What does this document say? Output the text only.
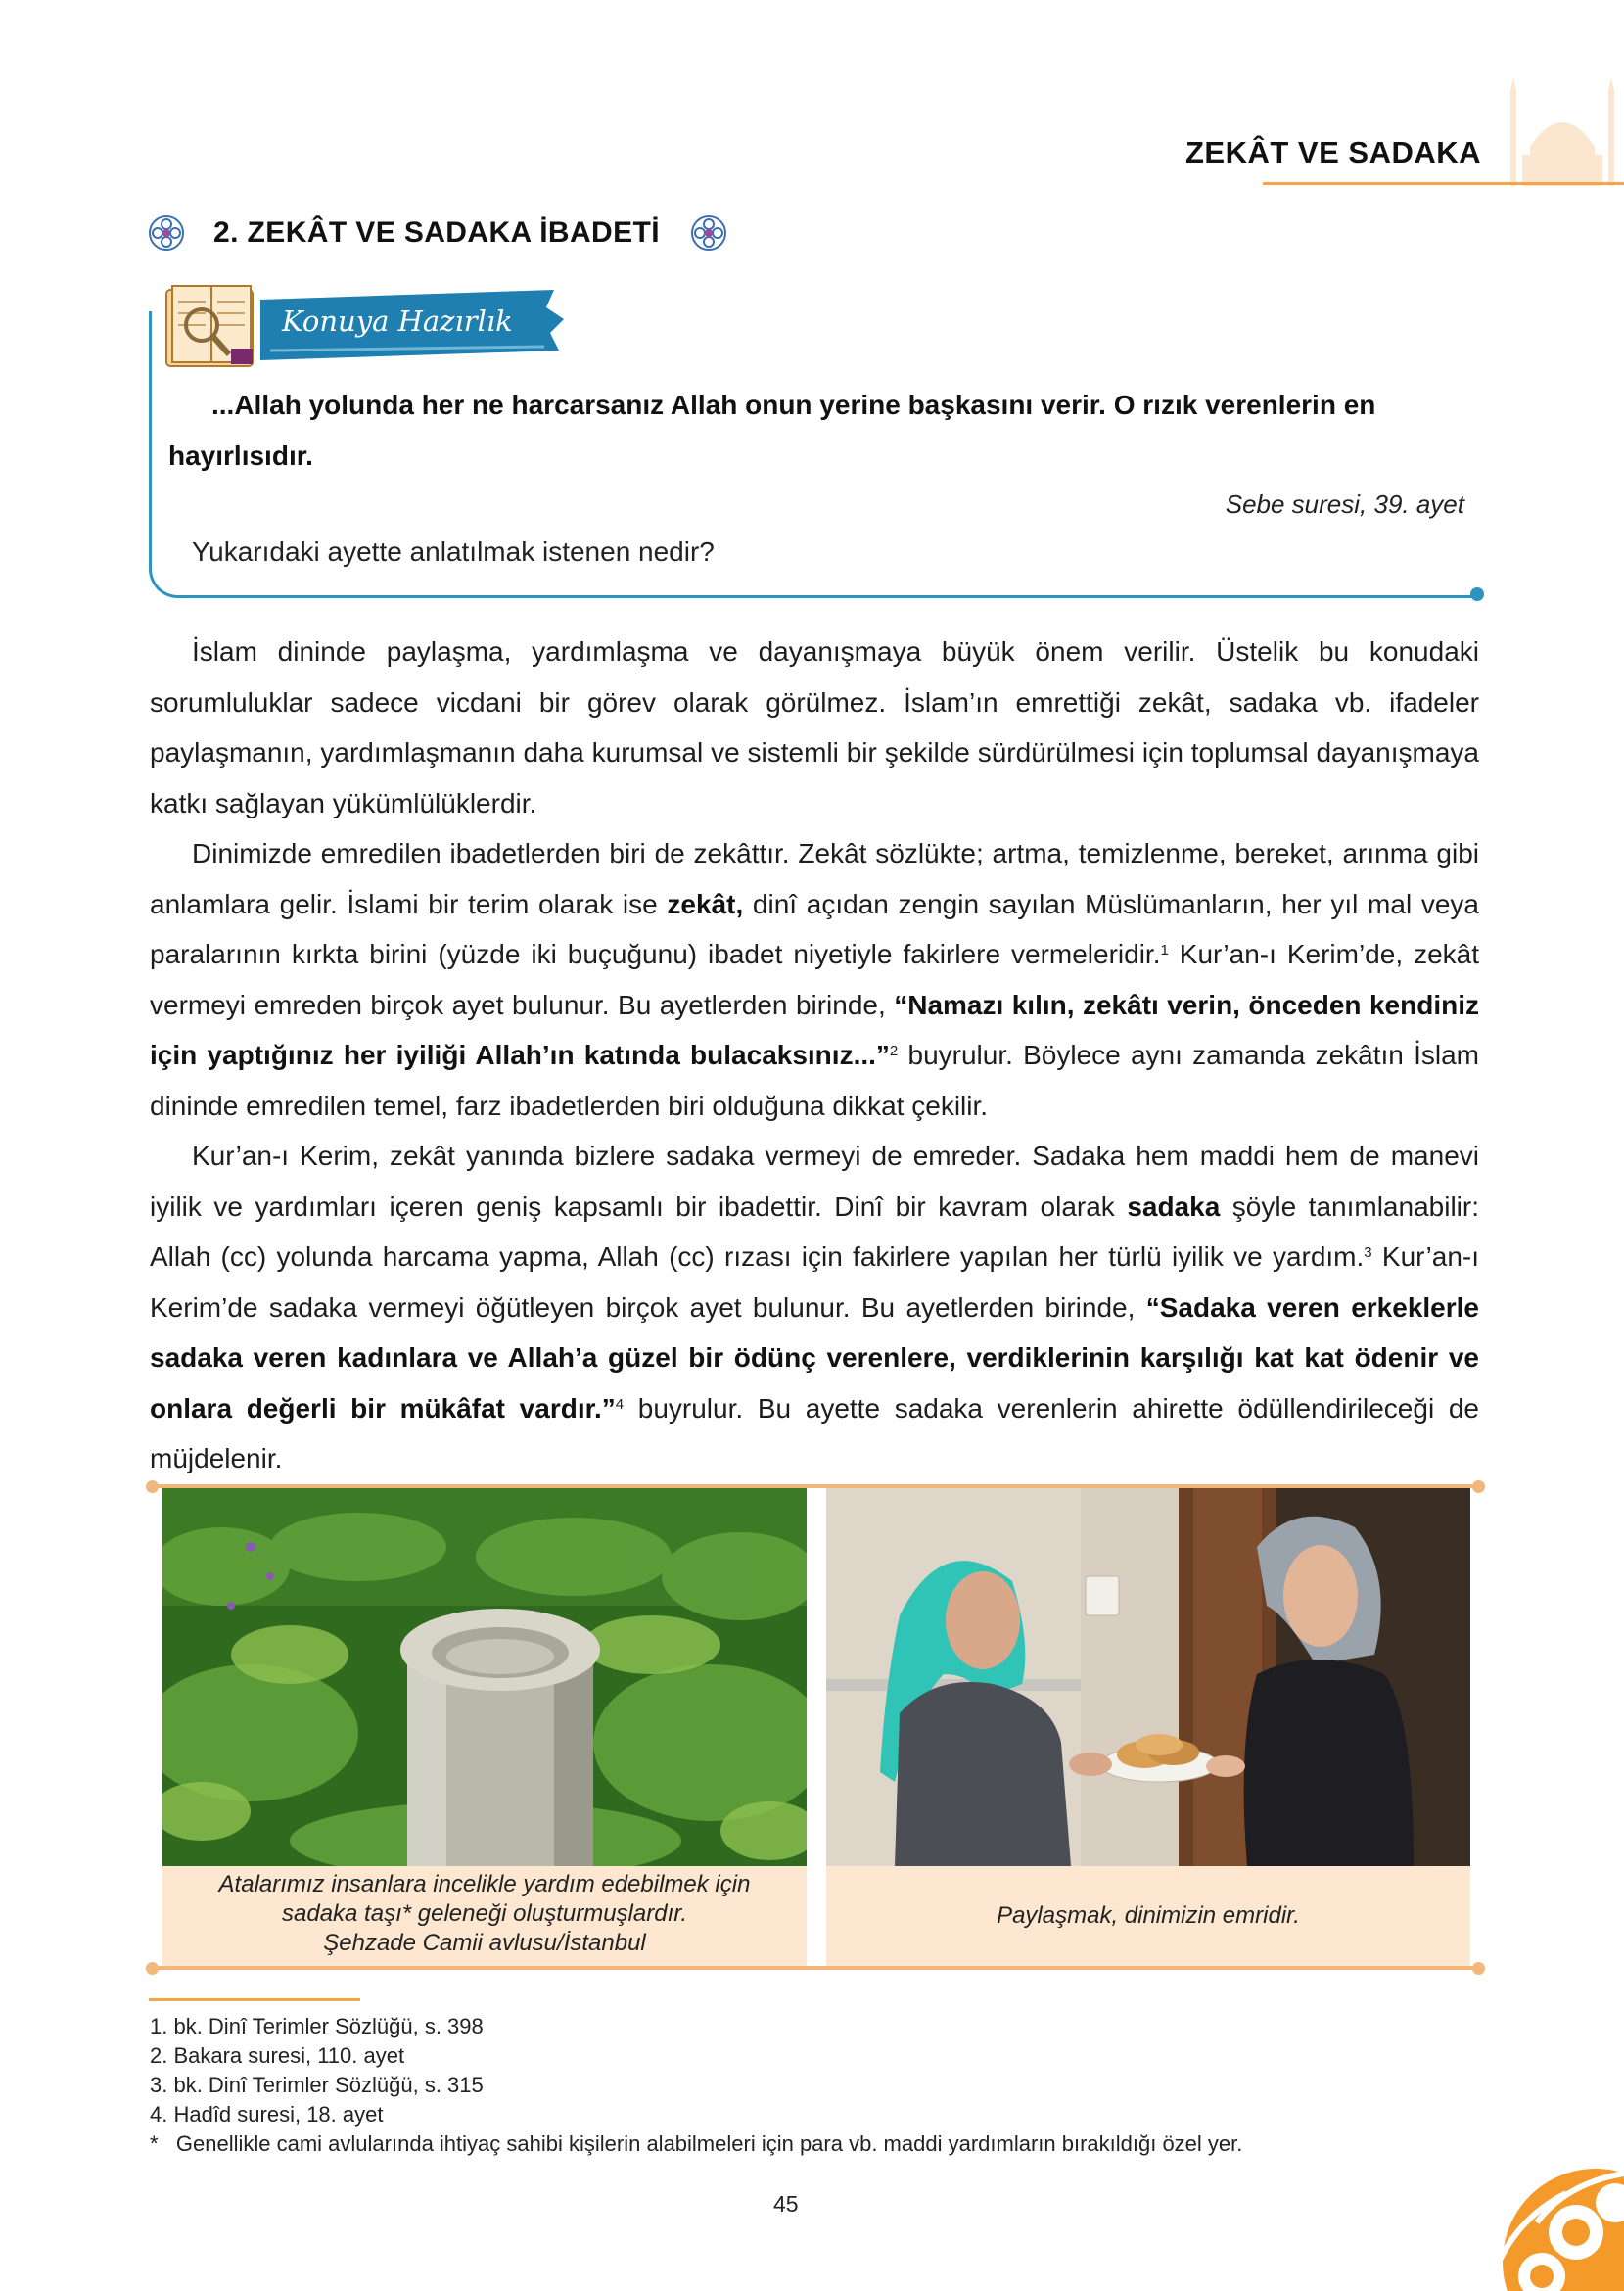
ZEKÂT VE SADAKA
2. ZEKÂT VE SADAKA İBADETİ
Konuya Hazırlık
...Allah yolunda her ne harcarsanız Allah onun yerine başkasını verir. O rızık verenlerin en hayırlısıdır.
Sebe suresi, 39. ayet
Yukarıdaki ayette anlatılmak istenen nedir?

İslam dininde paylaşma, yardımlaşma ve dayanışmaya büyük önem verilir. Üstelik bu konudaki sorumluluklar sadece vicdani bir görev olarak görülmez. İslam’ın emrettiği zekât, sadaka vb. ifadeler paylaşmanın, yardımlaşmanın daha kurumsal ve sistemli bir şekilde sürdürülmesi için toplumsal dayanışmaya katkı sağlayan yükümlülüklerdir.

Dinimizde emredilen ibadetlerden biri de zekâttır. Zekât sözlükte; artma, temizlenme, bereket, arınma gibi anlamlara gelir. İslami bir terim olarak ise zekât, dinî açıdan zengin sayılan Müslümanların, her yıl mal veya paralarının kırkta birini (yüzde iki buçuğunu) ibadet niyetiyle fakirlere vermeleridir.$^1$ Kur’an-ı Kerim’de, zekât vermeyi emreden birçok ayet bulunur. Bu ayetlerden birinde, “Namazı kılın, zekâtı verin, önceden kendiniz için yaptığınız her iyiliği Allah’ın katında bulacaksınız...”$^2$ buyrulur. Böylece aynı zamanda zekâtın İslam dininde emredilen temel, farz ibadetlerden biri olduğuna dikkat çekilir.

Kur’an-ı Kerim, zekât yanında bizlere sadaka vermeyi de emreder. Sadaka hem maddi hem de manevi iyilik ve yardımları içeren geniş kapsamlı bir ibadettir. Dinî bir kavram olarak sadaka şöyle tanımlanabilir: Allah (cc) yolunda harcama yapma, Allah (cc) rızası için fakirlere yapılan her türlü iyilik ve yardım.$^3$ Kur’an-ı Kerim’de sadaka vermeyi öğütleyen birçok ayet bulunur. Bu ayetlerden birinde, “Sadaka veren erkeklerle sadaka veren kadınlara ve Allah’a güzel bir ödünç verenlere, verdiklerinin karşılığı kat kat ödenir ve onlara değerli bir mükâfat vardır.”$^4$ buyrulur. Bu ayette sadaka verenlerin ahirette ödüllendirileceği de müjdelenir.

Atalarımız insanlara incelikle yardım edebilmek için
sadaka taşı* geleneği oluşturmuşlardır.
Şehzade Camii avlusu/İstanbul
Paylaşmak, dinimizin emridir.
1. bk. Dinî Terimler Sözlüğü, s. 398
2. Bakara suresi, 110. ayet
3. bk. Dinî Terimler Sözlüğü, s. 315
4. Hadîd suresi, 18. ayet
*   Genellikle cami avlularında ihtiyaç sahibi kişilerin alabilmeleri için para vb. maddi yardımların bırakıldığı özel yer.
45
